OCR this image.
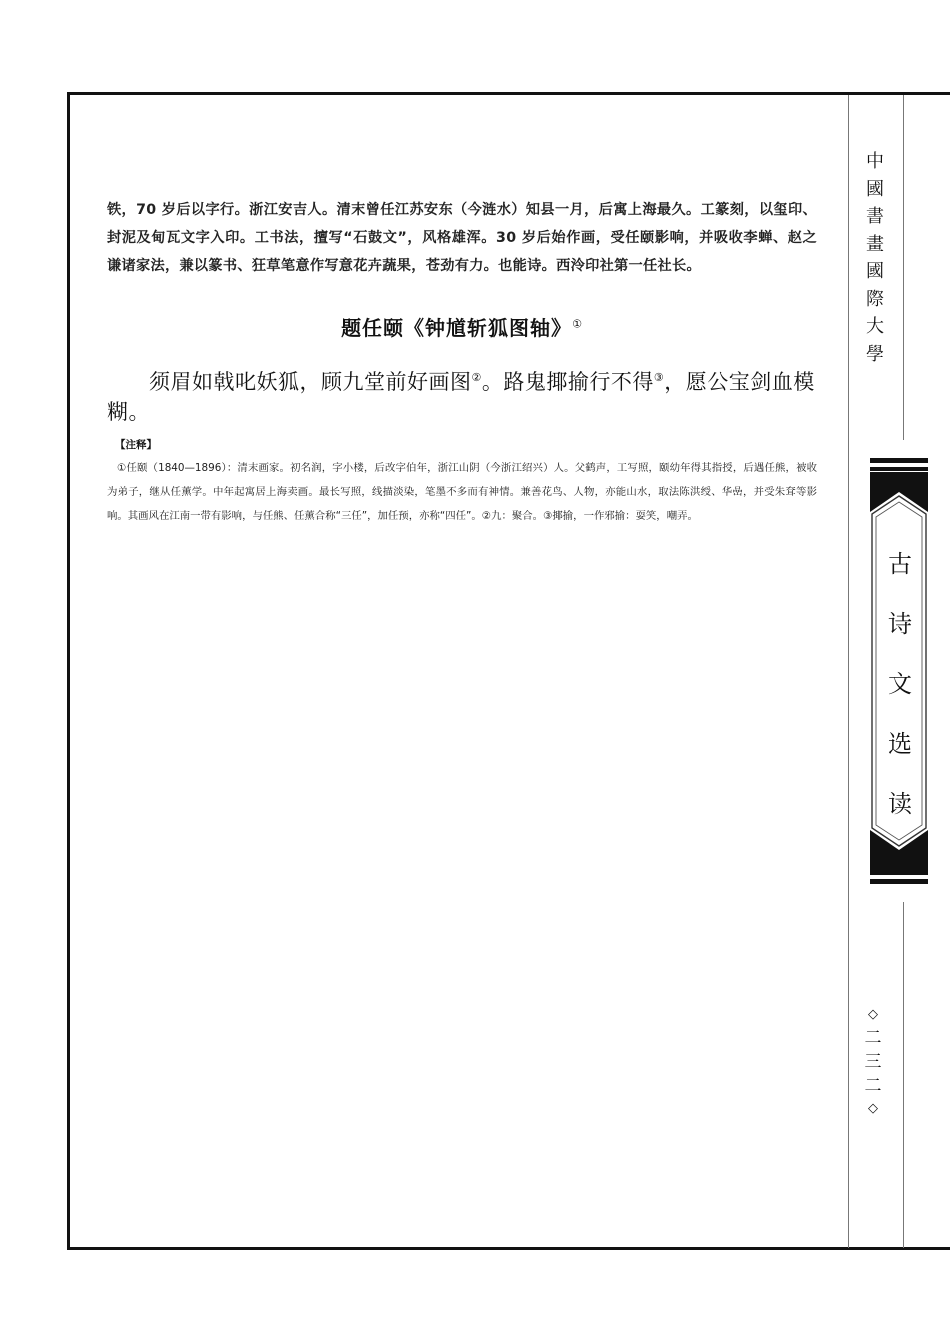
铁，70 岁后以字行。浙江安吉人。清末曾任江苏安东（今涟水）知县一月，后寓上海最久。工篆刻，以玺印、封泥及甸瓦文字入印。工书法，擅写“石鼓文”，风格雄浑。30 岁后始作画，受任颐影响，并吸收李蝉、赵之谦诸家法，兼以篆书、狂草笔意作写意花卉蔬果，苍劲有力。也能诗。西泠印社第一任社长。

题任颐《钟馗斩狐图轴》①

须眉如戟叱妖狐，顾九堂前好画图②。路鬼揶揄行不得③，愿公宝剑血模糊。

【注释】

①任颐（1840—1896）：清末画家。初名润，字小楼，后改字伯年，浙江山阴（今浙江绍兴）人。父鹤声，工写照，颐幼年得其指授，后遇任熊，被收为弟子，继从任薰学。中年起寓居上海卖画。最长写照，线描淡染，笔墨不多而有神情。兼善花鸟、人物，亦能山水，取法陈洪绶、华嵒，并受朱耷等影响。其画风在江南一带有影响，与任熊、任薰合称“三任”，加任预，亦称“四任”。②九：聚合。③揶揄，一作邪揄：耍笑，嘲弄。

中
國
書
畫
國
際
大
學
古
诗
文
选
读
◇
二
三
二
◇
